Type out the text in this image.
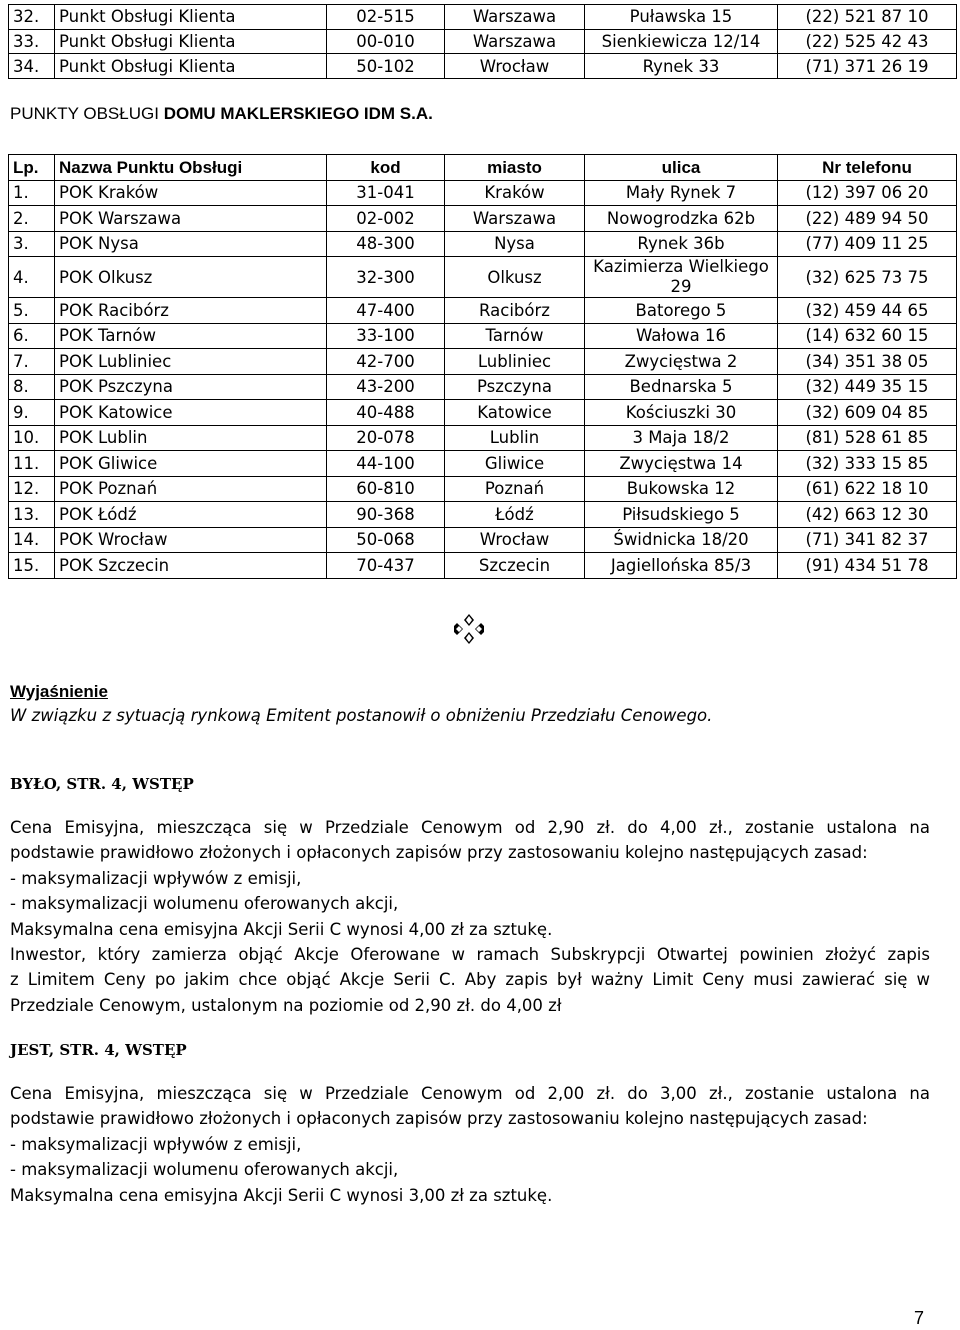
32.	Punkt Obsługi Klienta	02-515	Warszawa	Puławska 15	(22) 521 87 10
33.	Punkt Obsługi Klienta	00-010	Warszawa	Sienkiewicza 12/14	(22) 525 42 43
34.	Punkt Obsługi Klienta	50-102	Wrocław	Rynek 33	(71) 371 26 19
PUNKTY OBSŁUGI DOMU MAKLERSKIEGO IDM S.A.
Lp.	Nazwa Punktu Obsługi	kod	miasto	ulica	Nr telefonu
1.	POK Kraków	31-041	Kraków	Mały Rynek 7	(12) 397 06 20
2.	POK Warszawa	02-002	Warszawa	Nowogrodzka 62b	(22) 489 94 50
3.	POK Nysa	48-300	Nysa	Rynek 36b	(77) 409 11 25
4.	POK Olkusz	32-300	Olkusz	Kazimierza Wielkiego 29	(32) 625 73 75
5.	POK Racibórz	47-400	Racibórz	Batorego 5	(32) 459 44 65
6.	POK Tarnów	33-100	Tarnów	Wałowa 16	(14) 632 60 15
7.	POK Lubliniec	42-700	Lubliniec	Zwycięstwa 2	(34) 351 38 05
8.	POK Pszczyna	43-200	Pszczyna	Bednarska 5	(32) 449 35 15
9.	POK Katowice	40-488	Katowice	Kościuszki 30	(32) 609 04 85
10.	POK Lublin	20-078	Lublin	3 Maja 18/2	(81) 528 61 85
11.	POK Gliwice	44-100	Gliwice	Zwycięstwa 14	(32) 333 15 85
12.	POK Poznań	60-810	Poznań	Bukowska 12	(61) 622 18 10
13.	POK Łódź	90-368	Łódź	Piłsudskiego 5	(42) 663 12 30
14.	POK Wrocław	50-068	Wrocław	Świdnicka 18/20	(71) 341 82 37
15.	POK Szczecin	70-437	Szczecin	Jagiellońska 85/3	(91) 434 51 78
Wyjaśnienie
W związku z sytuacją rynkową Emitent postanowił o obniżeniu Przedziału Cenowego.
BYŁO, STR. 4, WSTĘP
Cena Emisyjna, mieszcząca się w Przedziale Cenowym od 2,90 zł. do 4,00 zł., zostanie ustalona na
podstawie prawidłowo złożonych i opłaconych zapisów przy zastosowaniu kolejno następujących zasad:
- maksymalizacji wpływów z emisji,
- maksymalizacji wolumenu oferowanych akcji,
Maksymalna cena emisyjna Akcji Serii C wynosi 4,00 zł za sztukę.
Inwestor, który zamierza objąć Akcje Oferowane w ramach Subskrypcji Otwartej powinien złożyć zapis
z Limitem Ceny po jakim chce objąć Akcje Serii C. Aby zapis był ważny Limit Ceny musi zawierać się w
Przedziale Cenowym, ustalonym na poziomie od 2,90 zł. do 4,00 zł
JEST, STR. 4, WSTĘP
Cena Emisyjna, mieszcząca się w Przedziale Cenowym od 2,00 zł. do 3,00 zł., zostanie ustalona na
podstawie prawidłowo złożonych i opłaconych zapisów przy zastosowaniu kolejno następujących zasad:
- maksymalizacji wpływów z emisji,
- maksymalizacji wolumenu oferowanych akcji,
Maksymalna cena emisyjna Akcji Serii C wynosi 3,00 zł za sztukę.
7
